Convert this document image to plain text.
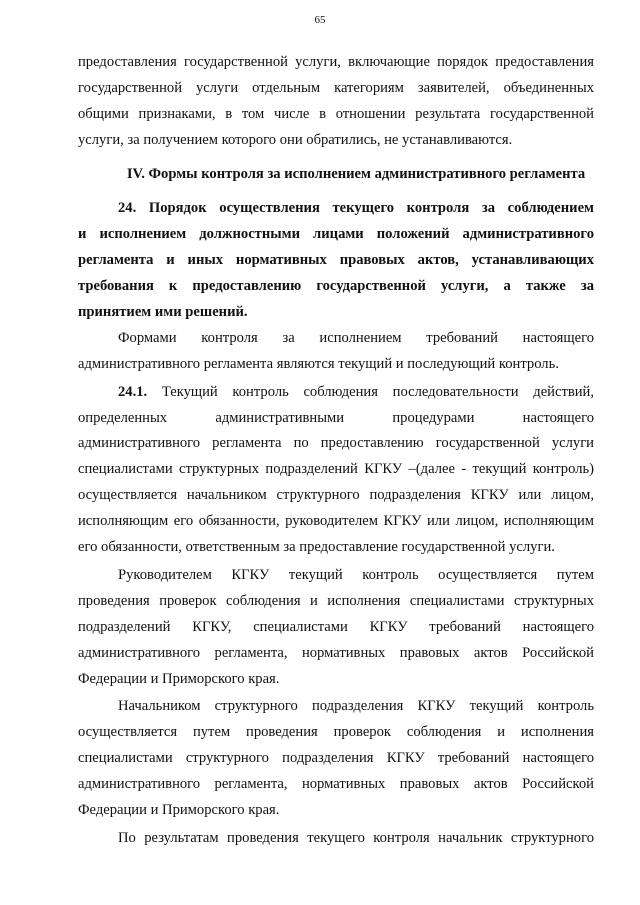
65
предоставления государственной услуги, включающие порядок предоставления
государственной услуги отдельным категориям заявителей, объединенных
общими признаками, в том числе в отношении результата государственной
услуги, за получением которого они обратились, не устанавливаются.
IV. Формы контроля за исполнением административного регламента
24. Порядок осуществления текущего контроля за соблюдением
и исполнением должностными лицами положений административного
регламента и иных нормативных правовых актов, устанавливающих
требования к предоставлению государственной услуги, а также за
принятием ими решений.
Формами контроля за исполнением требований настоящего
административного регламента являются текущий и последующий контроль.
24.1. Текущий контроль соблюдения последовательности действий,
определенных административными процедурами настоящего
административного регламента по предоставлению государственной услуги
специалистами структурных подразделений КГКУ –(далее - текущий контроль)
осуществляется начальником структурного подразделения КГКУ или лицом,
исполняющим его обязанности, руководителем КГКУ или лицом, исполняющим
его обязанности, ответственным за предоставление государственной услуги.
Руководителем КГКУ текущий контроль осуществляется путем
проведения проверок соблюдения и исполнения специалистами структурных
подразделений КГКУ, специалистами КГКУ требований настоящего
административного регламента, нормативных правовых актов Российской
Федерации и Приморского края.
Начальником структурного подразделения КГКУ текущий контроль
осуществляется путем проведения проверок соблюдения и исполнения
специалистами структурного подразделения КГКУ требований настоящего
административного регламента, нормативных правовых актов Российской
Федерации и Приморского края.
По результатам проведения текущего контроля начальник структурного
